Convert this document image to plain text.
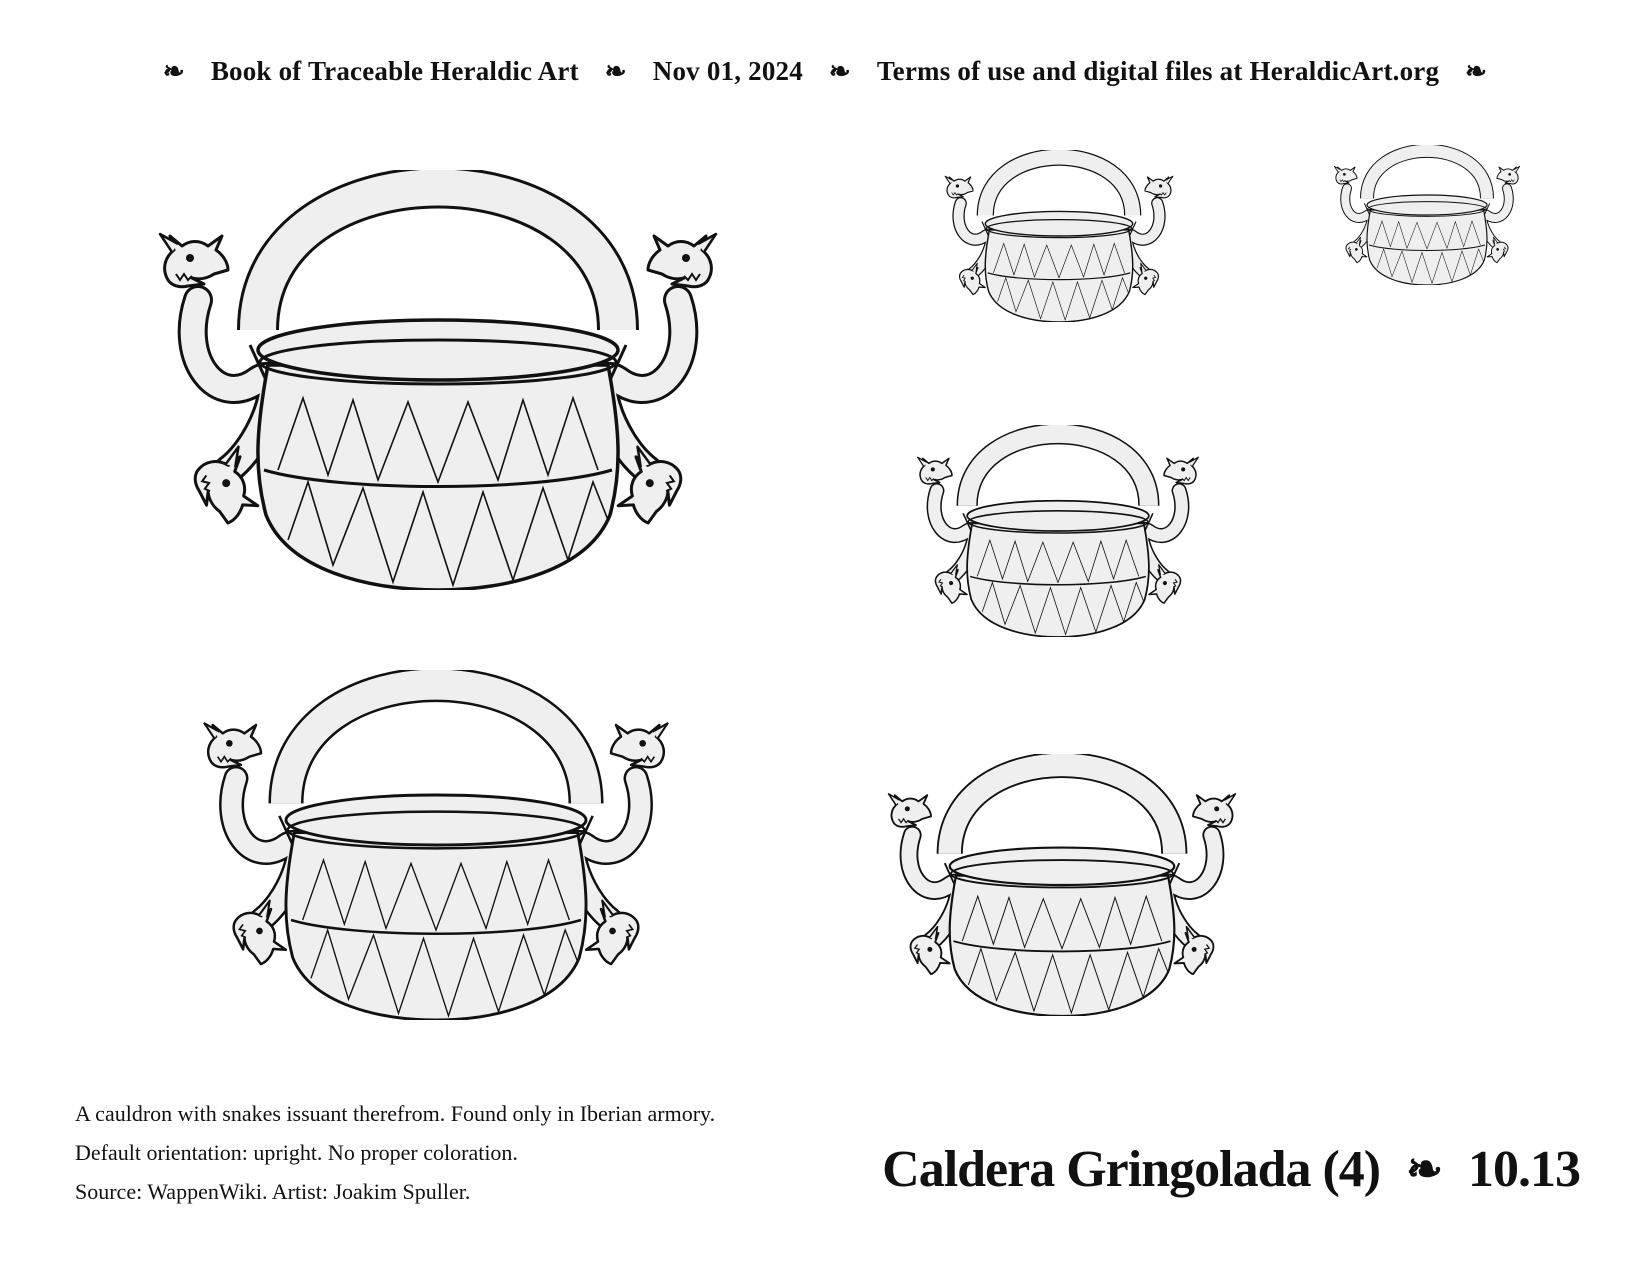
❧ Book of Traceable Heraldic Art ❧ Nov 01, 2024 ❧ Terms of use and digital files at HeraldicArt.org ❧
A cauldron with snakes issuant therefrom. Found only in Iberian armory.
Default orientation: upright. No proper coloration.
Source: WappenWiki. Artist: Joakim Spuller.	Caldera Gringolada (4) ❧ 10.13
